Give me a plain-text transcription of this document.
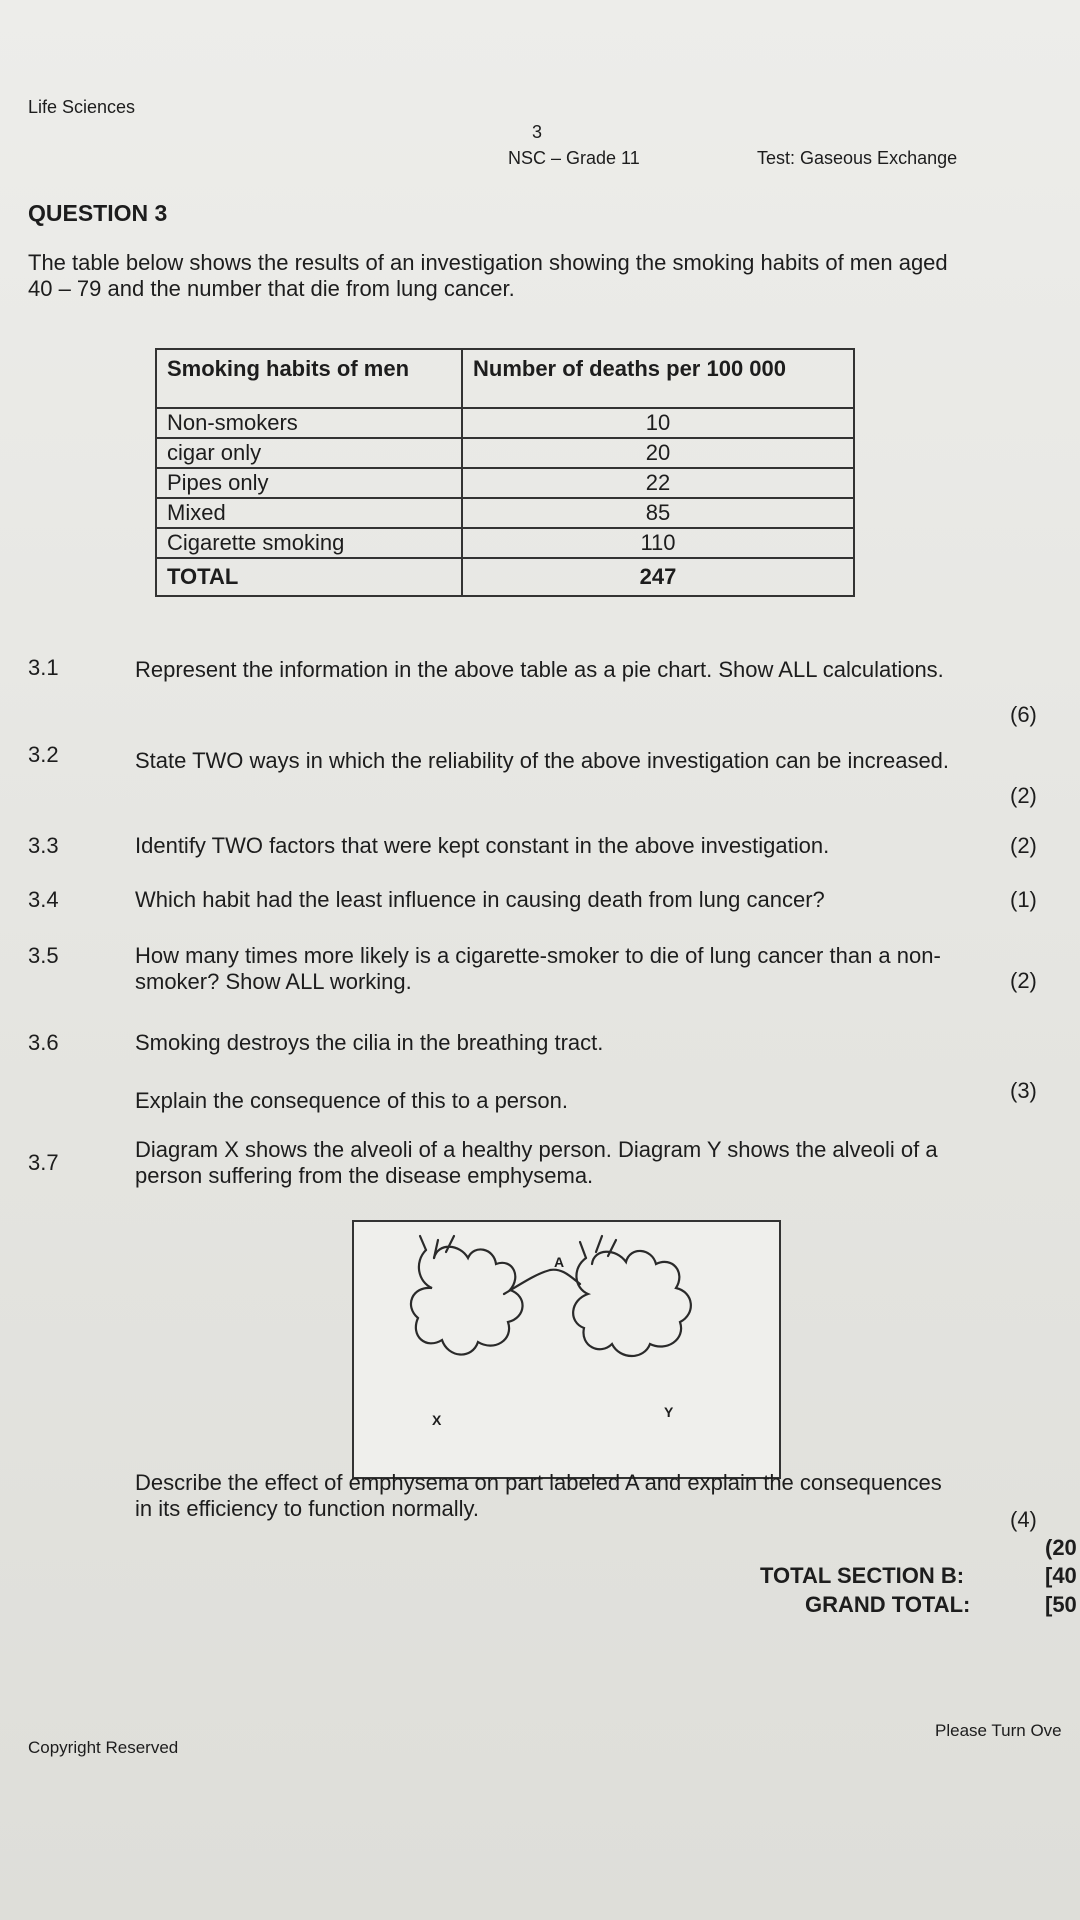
Life Sciences
3
NSC – Grade 11	Test: Gaseous Exchange
QUESTION 3
The table below shows the results of an investigation showing the smoking habits of men aged 40 – 79 and the number that die from lung cancer.
Smoking habits of men	Number of deaths per 100 000
Non-smokers	10
cigar only	20
Pipes only	22
Mixed	85
Cigarette smoking	110
TOTAL	247
3.1	Represent the information in the above table as a pie chart. Show ALL calculations.
(6)
3.2	State TWO ways in which the reliability of the above investigation can be increased.
(2)
3.3	Identify TWO factors that were kept constant in the above investigation.	(2)
3.4	Which habit had the least influence in causing death from lung cancer?	(1)
3.5	How many times more likely is a cigarette-smoker to die of lung cancer than a non-smoker? Show ALL working.	(2)
3.6	Smoking destroys the cilia in the breathing tract.
Explain the consequence of this to a person.	(3)
3.7
Diagram X shows the alveoli of a healthy person. Diagram Y shows the alveoli of a person suffering from the disease emphysema.
A
X	Y
Describe the effect of emphysema on part labeled A and explain the consequences in its efficiency to function normally.	(4)
(20
TOTAL SECTION B:	[40
GRAND TOTAL:	[50
Copyright Reserved
Please Turn Ove
